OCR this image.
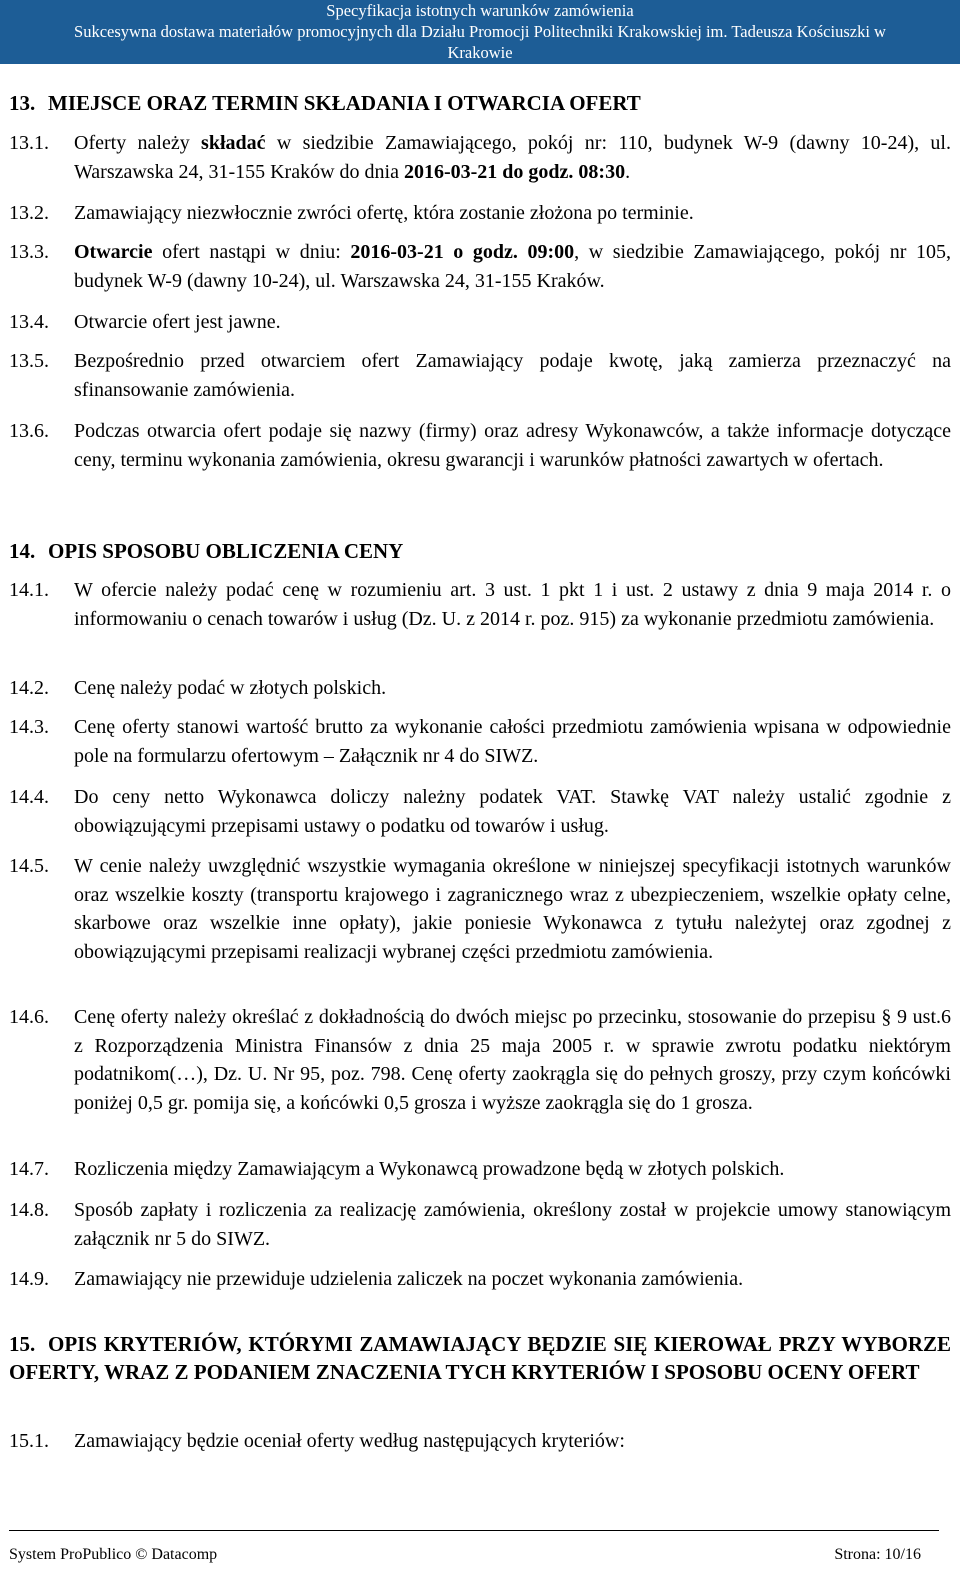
Specyfikacja istotnych warunków zamówienia
Sukcesywna dostawa materiałów promocyjnych dla Działu Promocji Politechniki Krakowskiej im. Tadeusza Kościuszki w
Krakowie
13. MIEJSCE ORAZ TERMIN SKŁADANIA I OTWARCIA OFERT
13.1.	Oferty należy składać w siedzibie Zamawiającego, pokój nr: 110, budynek W-9 (dawny 10-24), ul. Warszawska 24, 31-155 Kraków do dnia 2016-03-21 do godz. 08:30.
13.2.	Zamawiający niezwłocznie zwróci ofertę, która zostanie złożona po terminie.
13.3.	Otwarcie ofert nastąpi w dniu: 2016-03-21 o godz. 09:00, w siedzibie Zamawiającego, pokój nr 105, budynek W-9 (dawny 10-24), ul. Warszawska 24, 31-155 Kraków.
13.4.	Otwarcie ofert jest jawne.
13.5.	Bezpośrednio przed otwarciem ofert Zamawiający podaje kwotę, jaką zamierza przeznaczyć na sfinansowanie zamówienia.
13.6.	Podczas otwarcia ofert podaje się nazwy (firmy) oraz adresy Wykonawców, a także informacje dotyczące ceny, terminu wykonania zamówienia, okresu gwarancji i warunków płatności zawartych w ofertach.
14. OPIS SPOSOBU OBLICZENIA CENY
14.1.	W ofercie należy podać cenę w rozumieniu art. 3 ust. 1 pkt 1 i ust. 2 ustawy z dnia 9 maja 2014 r. o informowaniu o cenach towarów i usług (Dz. U. z 2014 r. poz. 915) za wykonanie przedmiotu zamówienia.
14.2.	Cenę należy podać w złotych polskich.
14.3.	Cenę oferty stanowi wartość brutto za wykonanie całości przedmiotu zamówienia wpisana w odpowiednie pole na formularzu ofertowym – Załącznik nr 4 do SIWZ.
14.4.	Do ceny netto Wykonawca doliczy należny podatek VAT. Stawkę VAT należy ustalić zgodnie z obowiązującymi przepisami ustawy o podatku od towarów i usług.
14.5.	W cenie należy uwzględnić wszystkie wymagania określone w niniejszej specyfikacji istotnych warunków oraz wszelkie koszty (transportu krajowego i zagranicznego wraz z ubezpieczeniem, wszelkie opłaty celne, skarbowe oraz wszelkie inne opłaty), jakie poniesie Wykonawca z tytułu należytej oraz zgodnej z obowiązującymi przepisami realizacji wybranej części przedmiotu zamówienia.
14.6.	Cenę oferty należy określać z dokładnością do dwóch miejsc po przecinku, stosowanie do przepisu § 9 ust.6 z Rozporządzenia Ministra Finansów z dnia 25 maja 2005 r. w sprawie zwrotu podatku niektórym podatnikom(…), Dz. U. Nr 95, poz. 798. Cenę oferty zaokrągla się do pełnych groszy, przy czym końcówki poniżej 0,5 gr. pomija się, a końcówki 0,5 grosza i wyższe zaokrągla się do 1 grosza.
14.7.	Rozliczenia między Zamawiającym a Wykonawcą prowadzone będą w złotych polskich.
14.8.	Sposób zapłaty i rozliczenia za realizację zamówienia, określony został w projekcie umowy stanowiącym załącznik nr 5 do SIWZ.
14.9.	Zamawiający nie przewiduje udzielenia zaliczek na poczet wykonania zamówienia.
15. OPIS KRYTERIÓW, KTÓRYMI ZAMAWIAJĄCY BĘDZIE SIĘ KIEROWAŁ PRZY WYBORZE OFERTY, WRAZ Z PODANIEM ZNACZENIA TYCH KRYTERIÓW I SPOSOBU OCENY OFERT
15.1.	Zamawiający będzie oceniał oferty według następujących kryteriów:
System ProPublico © Datacomp	Strona: 10/16
